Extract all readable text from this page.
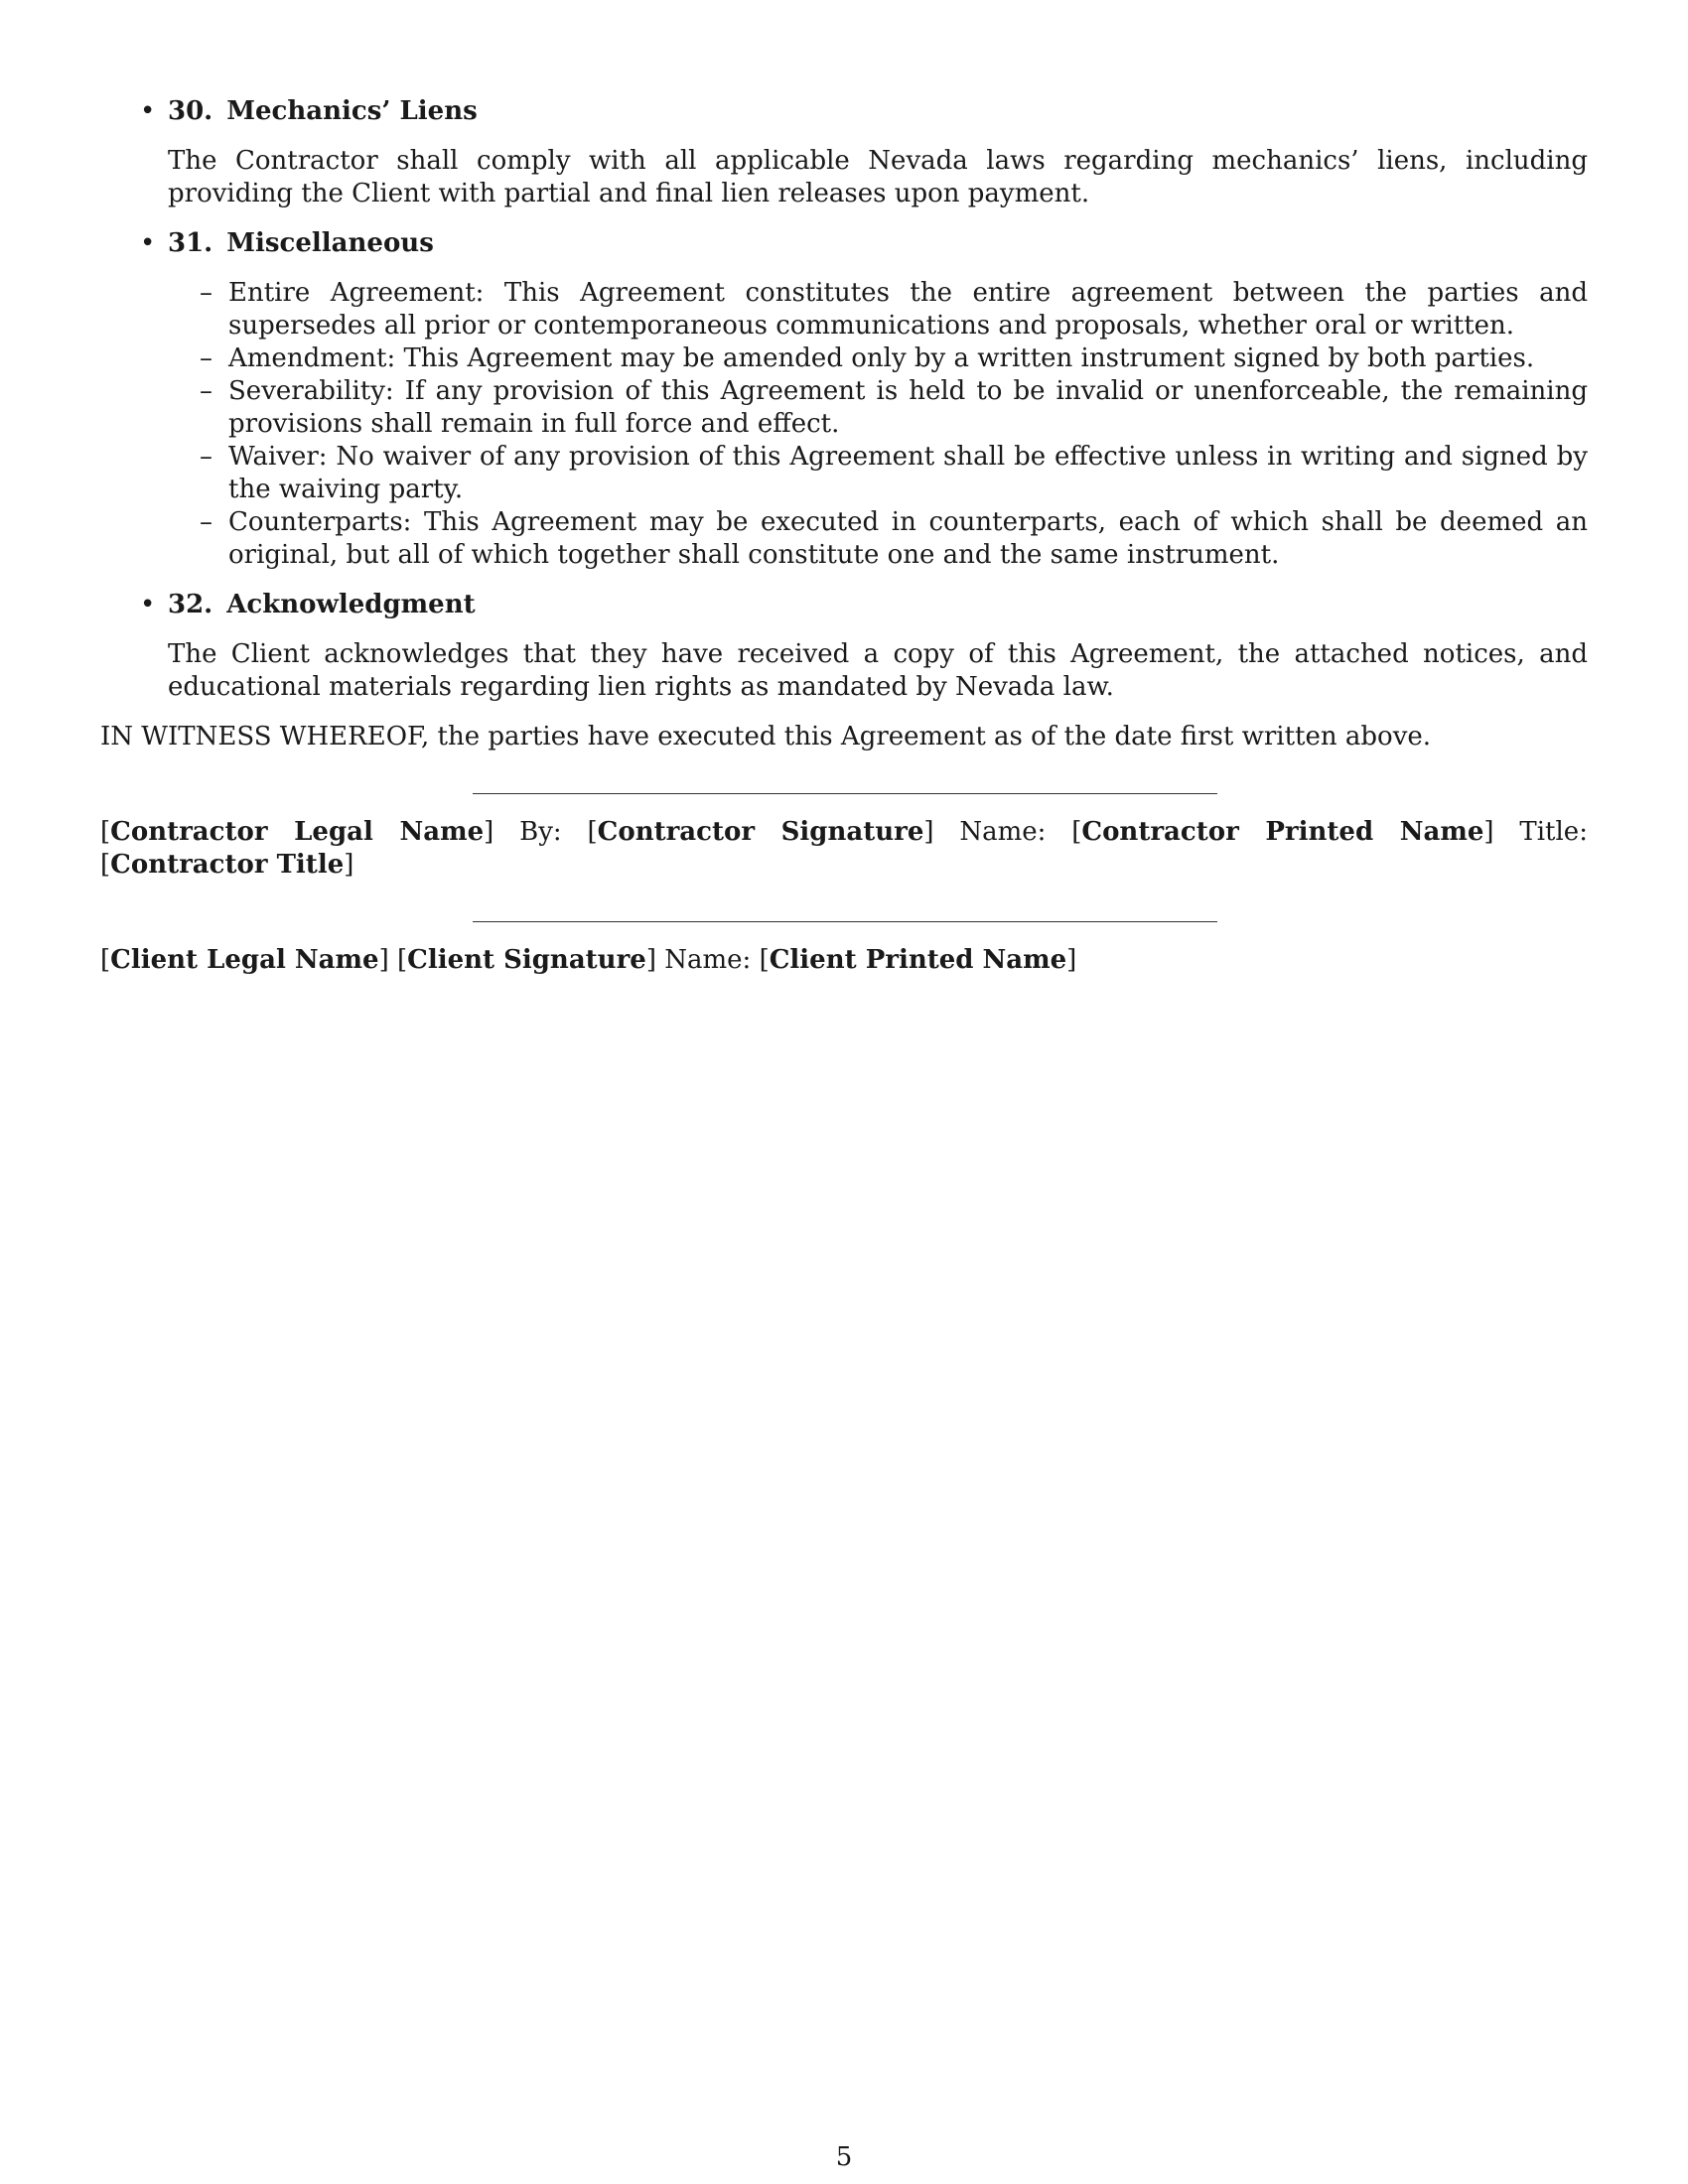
• 30. Mechanics’ Liens
The Contractor shall comply with all applicable Nevada laws regarding mechanics’ liens, including providing the Client with partial and final lien releases upon payment.
• 31. Miscellaneous
– Entire Agreement: This Agreement constitutes the entire agreement between the parties and supersedes all prior or contemporaneous communications and proposals, whether oral or written.
– Amendment: This Agreement may be amended only by a written instrument signed by both parties.
– Severability: If any provision of this Agreement is held to be invalid or unenforceable, the remaining provisions shall remain in full force and effect.
– Waiver: No waiver of any provision of this Agreement shall be effective unless in writing and signed by the waiving party.
– Counterparts: This Agreement may be executed in counterparts, each of which shall be deemed an original, but all of which together shall constitute one and the same instrument.
• 32. Acknowledgment
The Client acknowledges that they have received a copy of this Agreement, the attached notices, and educational materials regarding lien rights as mandated by Nevada law.
IN WITNESS WHEREOF, the parties have executed this Agreement as of the date first written above.
[Contractor Legal Name] By: [Contractor Signature] Name: [Contractor Printed Name] Title: [Contractor Title]
[Client Legal Name] [Client Signature] Name: [Client Printed Name]
5
